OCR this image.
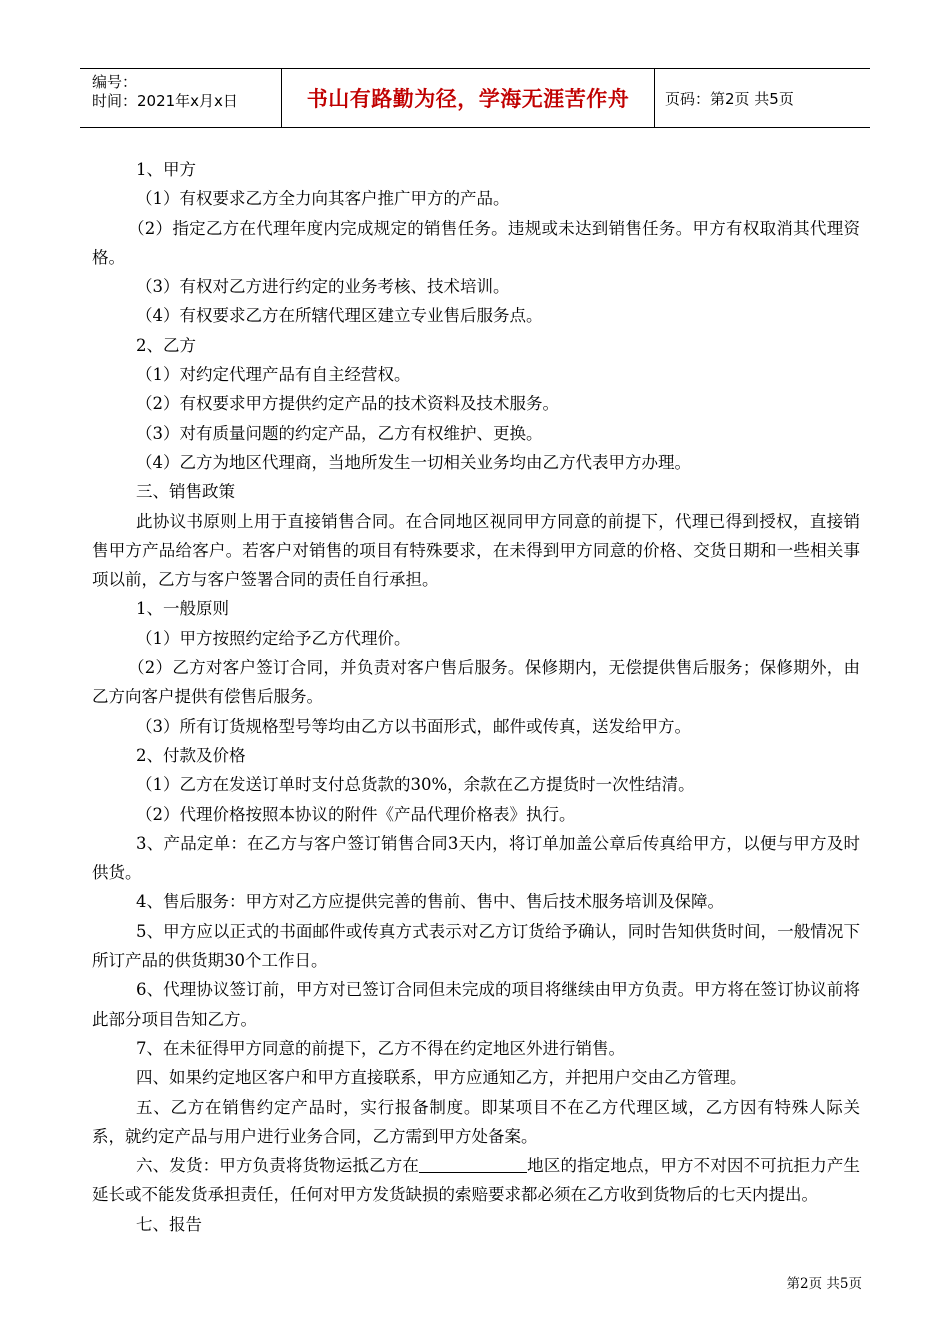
编号：
时间：2021年x月x日	书山有路勤为径，学海无涯苦作舟	页码：第2页 共5页

1、甲方

（1）有权要求乙方全力向其客户推广甲方的产品。

（2）指定乙方在代理年度内完成规定的销售任务。违规或未达到销售任务。甲方有权取消其代理资格。

（3）有权对乙方进行约定的业务考核、技术培训。

（4）有权要求乙方在所辖代理区建立专业售后服务点。

2、乙方

（1）对约定代理产品有自主经营权。

（2）有权要求甲方提供约定产品的技术资料及技术服务。

（3）对有质量问题的约定产品，乙方有权维护、更换。

（4）乙方为地区代理商，当地所发生一切相关业务均由乙方代表甲方办理。

三、销售政策

此协议书原则上用于直接销售合同。在合同地区视同甲方同意的前提下，代理已得到授权，直接销售甲方产品给客户。若客户对销售的项目有特殊要求，在未得到甲方同意的价格、交货日期和一些相关事项以前，乙方与客户签署合同的责任自行承担。

1、一般原则

（1）甲方按照约定给予乙方代理价。

（2）乙方对客户签订合同，并负责对客户售后服务。保修期内，无偿提供售后服务；保修期外，由乙方向客户提供有偿售后服务。

（3）所有订货规格型号等均由乙方以书面形式，邮件或传真，送发给甲方。

2、付款及价格

（1）乙方在发送订单时支付总货款的30%，余款在乙方提货时一次性结清。

（2）代理价格按照本协议的附件《产品代理价格表》执行。

3、产品定单：在乙方与客户签订销售合同3天内，将订单加盖公章后传真给甲方，以便与甲方及时供货。

4、售后服务：甲方对乙方应提供完善的售前、售中、售后技术服务培训及保障。

5、甲方应以正式的书面邮件或传真方式表示对乙方订货给予确认，同时告知供货时间，一般情况下所订产品的供货期30个工作日。

6、代理协议签订前，甲方对已签订合同但未完成的项目将继续由甲方负责。甲方将在签订协议前将此部分项目告知乙方。

7、在未征得甲方同意的前提下，乙方不得在约定地区外进行销售。

四、如果约定地区客户和甲方直接联系，甲方应通知乙方，并把用户交由乙方管理。

五、乙方在销售约定产品时，实行报备制度。即某项目不在乙方代理区域，乙方因有特殊人际关系，就约定产品与用户进行业务合同，乙方需到甲方处备案。

六、发货：甲方负责将货物运抵乙方在	地区的指定地点，甲方不对因不可抗拒力产生延长或不能发货承担责任，任何对甲方发货缺损的索赔要求都必须在乙方收到货物后的七天内提出。

七、报告

第2页 共5页
